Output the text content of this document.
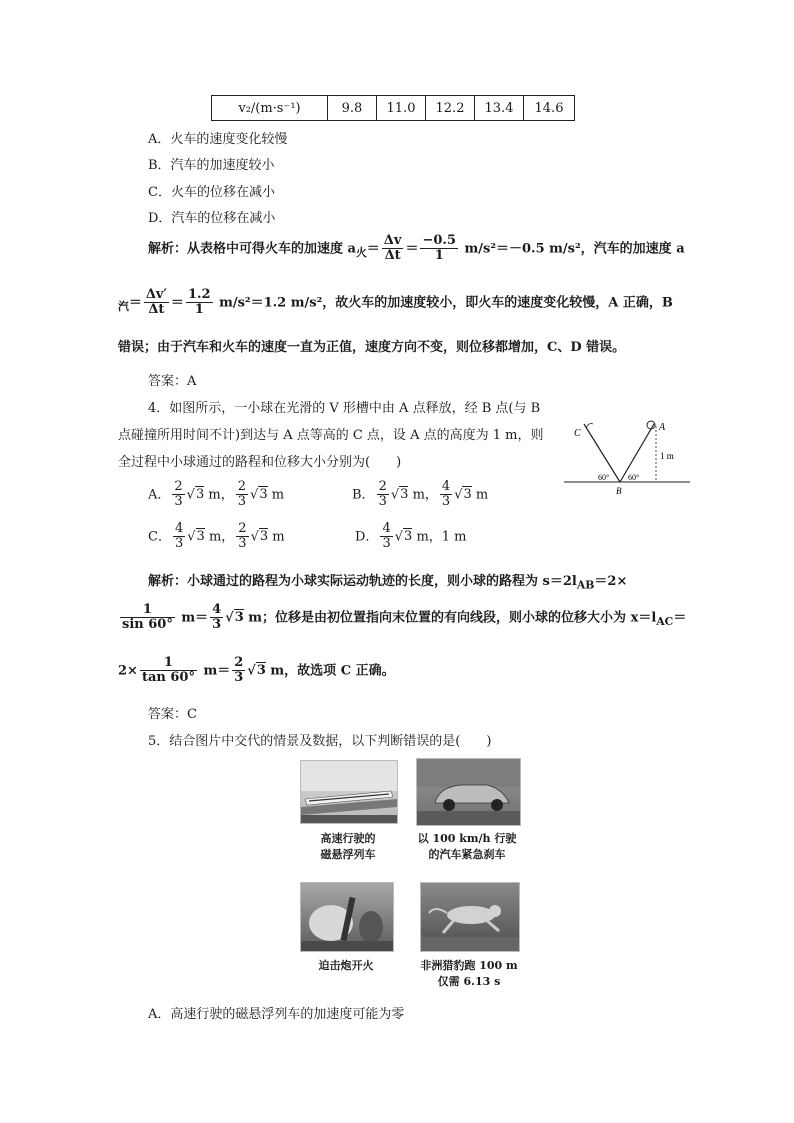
v₂/(m·s⁻¹)	9.8	11.0	12.2	13.4	14.6
A．火车的速度变化较慢
B．汽车的加速度较小
C．火车的位移在减小
D．汽车的位移在减小
解析：从表格中可得火车的加速度 $a_火= \frac{\Delta v}{\Delta t} = \frac{-0.5}{1} m/s^2=-0.5$ m/s²，汽车的加速度 a
$_汽= \frac{\Delta v'}{\Delta t} = \frac{1.2}{1} m/s^2=1.2$ m/s²，故火车的加速度较小，即火车的速度变化较慢，A 正确，B
错误；由于汽车和火车的速度一直为正值，速度方向不变，则位移都增加，C、D 错误。
答案：A
4．如图所示，一小球在光滑的 V 形槽中由 A 点释放，经 B 点(与 B
点碰撞所用时间不计)到达与 A 点等高的 C 点，设 A 点的高度为 1 m，则
全过程中小球通过的路程和位移大小分别为(　　)
A． $\frac{2}{3} √3$ m， $\frac{2}{3} √3$ m	B． $\frac{2}{3} √3$ m， $\frac{4}{3} √3$ m
C． $\frac{4}{3} √3$ m， $\frac{2}{3} √3$ m	D． $\frac{4}{3} √3$ m，1 m
C
A
B
1 m
60° 60°
解析：小球通过的路程为小球实际运动轨迹的长度，则小球的路程为 $s=2l_{AB}=2\times$
$\frac{1}{\sin 60^\circ} m= \frac{4}{3} √3$ m；位移是由初位置指向末位置的有向线段，则小球的位移大小为 $x=l_{AC}=$
$2\times \frac{1}{\tan 60^\circ} m= \frac{2}{3} √3$ m，故选项 C 正确。
答案：C
5．结合图片中交代的情景及数据，以下判断错误的是(　　)
高速行驶的
磁悬浮列车
以 100 km/h 行驶
的汽车紧急刹车
迫击炮开火	非洲猎豹跑 100 m
仅需 6.13 s
A．高速行驶的磁悬浮列车的加速度可能为零
